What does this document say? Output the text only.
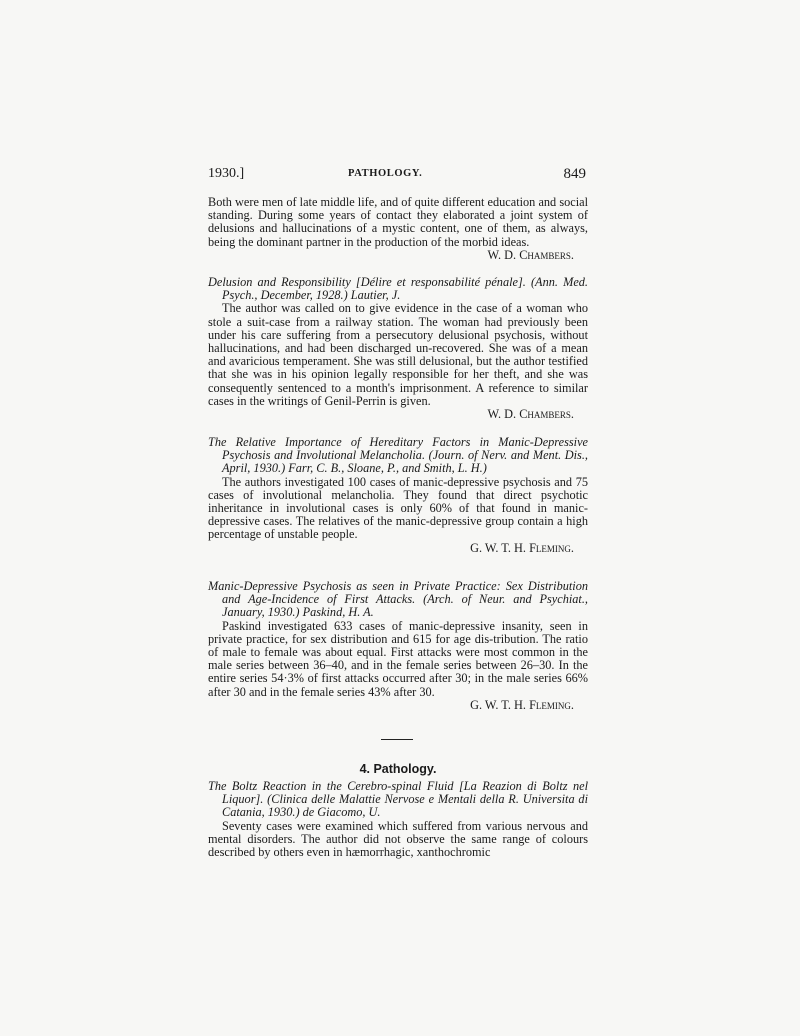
1930.]	PATHOLOGY.	849

Both were men of late middle life, and of quite different education and social standing. During some years of contact they elaborated a joint system of delusions and hallucinations of a mystic content, one of them, as always, being the dominant partner in the production of the morbid ideas.

W. D. Chambers.

Delusion and Responsibility [Délire et responsabilité pénale]. (Ann. Med. Psych., December, 1928.) Lautier, J.

The author was called on to give evidence in the case of a woman who stole a suit-case from a railway station. The woman had previously been under his care suffering from a persecutory delusional psychosis, without hallucinations, and had been discharged un-recovered. She was of a mean and avaricious temperament. She was still delusional, but the author testified that she was in his opinion legally responsible for her theft, and she was consequently sentenced to a month's imprisonment. A reference to similar cases in the writings of Genil-Perrin is given.

W. D. Chambers.

The Relative Importance of Hereditary Factors in Manic-Depressive Psychosis and Involutional Melancholia. (Journ. of Nerv. and Ment. Dis., April, 1930.) Farr, C. B., Sloane, P., and Smith, L. H.)

The authors investigated 100 cases of manic-depressive psychosis and 75 cases of involutional melancholia. They found that direct psychotic inheritance in involutional cases is only 60% of that found in manic-depressive cases. The relatives of the manic-depressive group contain a high percentage of unstable people.

G. W. T. H. Fleming.

Manic-Depressive Psychosis as seen in Private Practice: Sex Distribution and Age-Incidence of First Attacks. (Arch. of Neur. and Psychiat., January, 1930.) Paskind, H. A.

Paskind investigated 633 cases of manic-depressive insanity, seen in private practice, for sex distribution and 615 for age dis-tribution. The ratio of male to female was about equal. First attacks were most common in the male series between 36–40, and in the female series between 26–30. In the entire series 54·3% of first attacks occurred after 30; in the male series 66% after 30 and in the female series 43% after 30.

G. W. T. H. Fleming.

4. Pathology.

The Boltz Reaction in the Cerebro-spinal Fluid [La Reazion di Boltz nel Liquor]. (Clinica delle Malattie Nervose e Mentali della R. Universita di Catania, 1930.) de Giacomo, U.

Seventy cases were examined which suffered from various nervous and mental disorders. The author did not observe the same range of colours described by others even in hæmorrhagic, xanthochromic
